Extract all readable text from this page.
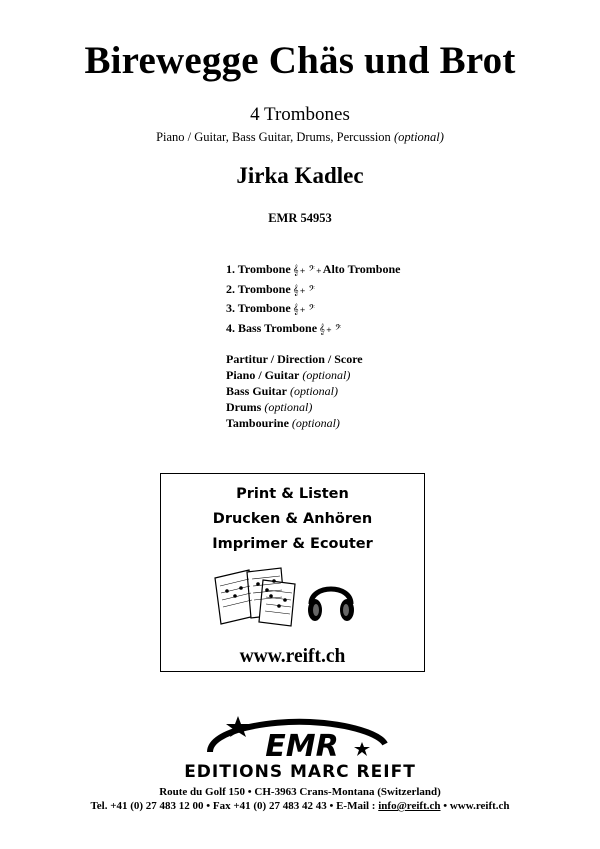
Birewegge Chäs und Brot
4 Trombones
Piano / Guitar, Bass Guitar, Drums, Percussion (optional)
Jirka Kadlec
EMR 54953
1. Trombone 𝄞+ 𝄢+Alto Trombone
2. Trombone 𝄞+ 𝄢
3. Trombone 𝄞+ 𝄢
4. Bass Trombone 𝄞+ 𝄢
Partitur / Direction / Score
Piano / Guitar (optional)
Bass Guitar (optional)
Drums (optional)
Tambourine (optional)
Print & Listen
Drucken & Anhören
Imprimer & Ecouter
www.reift.ch
EMR
EDITIONS MARC REIFT
Route du Golf 150 • CH-3963 Crans-Montana (Switzerland)
Tel. +41 (0) 27 483 12 00 • Fax +41 (0) 27 483 42 43 • E-Mail : info@reift.ch • www.reift.ch
